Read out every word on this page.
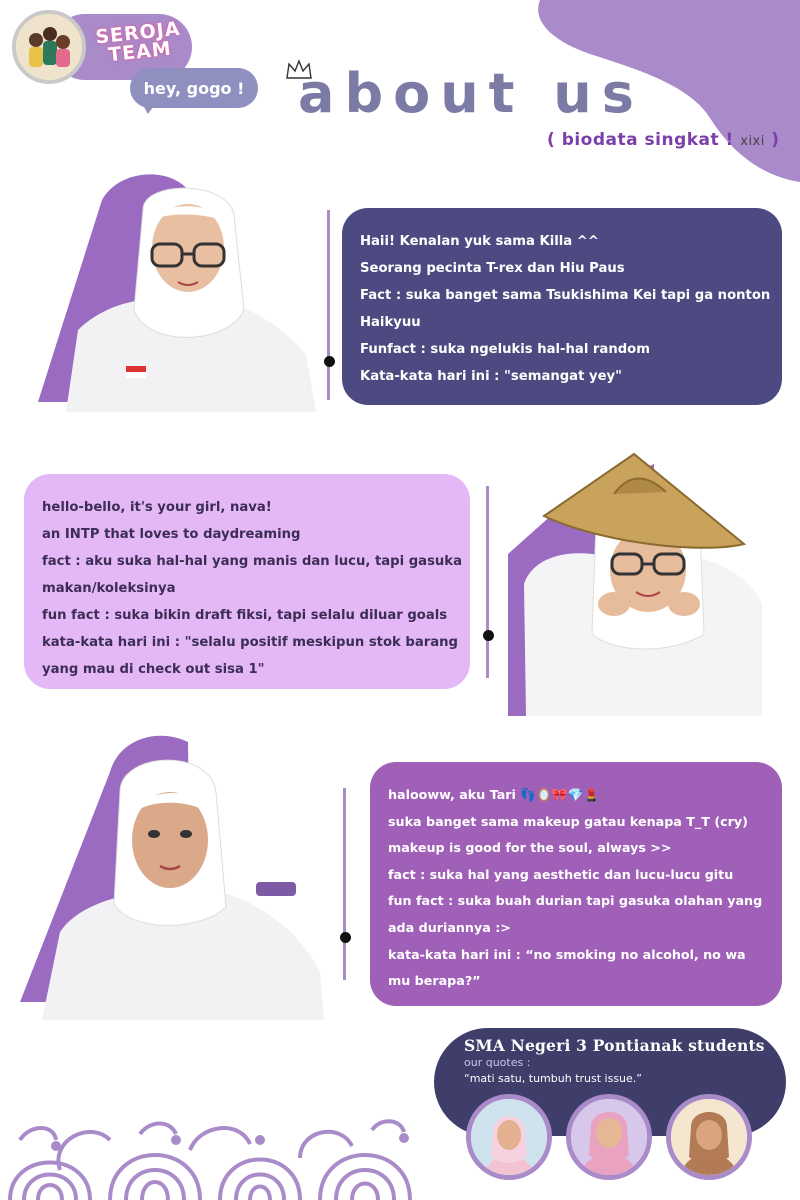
SEROJA TEAM
hey, gogo ! about us
( biodata singkat ! xixi )
Haii! Kenalan yuk sama Killa ^^
Seorang pecinta T-rex dan Hiu Paus
Fact : suka banget sama Tsukishima Kei tapi ga nonton
Haikyuu
Funfact : suka ngelukis hal-hal random
Kata-kata hari ini : "semangat yey"
hello-bello, it's your girl, nava!
an INTP that loves to daydreaming
fact : aku suka hal-hal yang manis dan lucu, tapi gasuka
makan/koleksinya
fun fact : suka bikin draft fiksi, tapi selalu diluar goals
kata-kata hari ini : "selalu positif meskipun stok barang
yang mau di check out sisa 1"
halooww, aku Tari 👣🪞🎀💎💄
suka banget sama makeup gatau kenapa T_T (cry)
makeup is good for the soul, always >>
fact : suka hal yang aesthetic dan lucu-lucu gitu
fun fact : suka buah durian tapi gasuka olahan yang
ada duriannya :>
kata-kata hari ini : “no smoking no alcohol, no wa
mu berapa?”
SMA Negeri 3 Pontianak students
our quotes :
“mati satu, tumbuh trust issue.”
